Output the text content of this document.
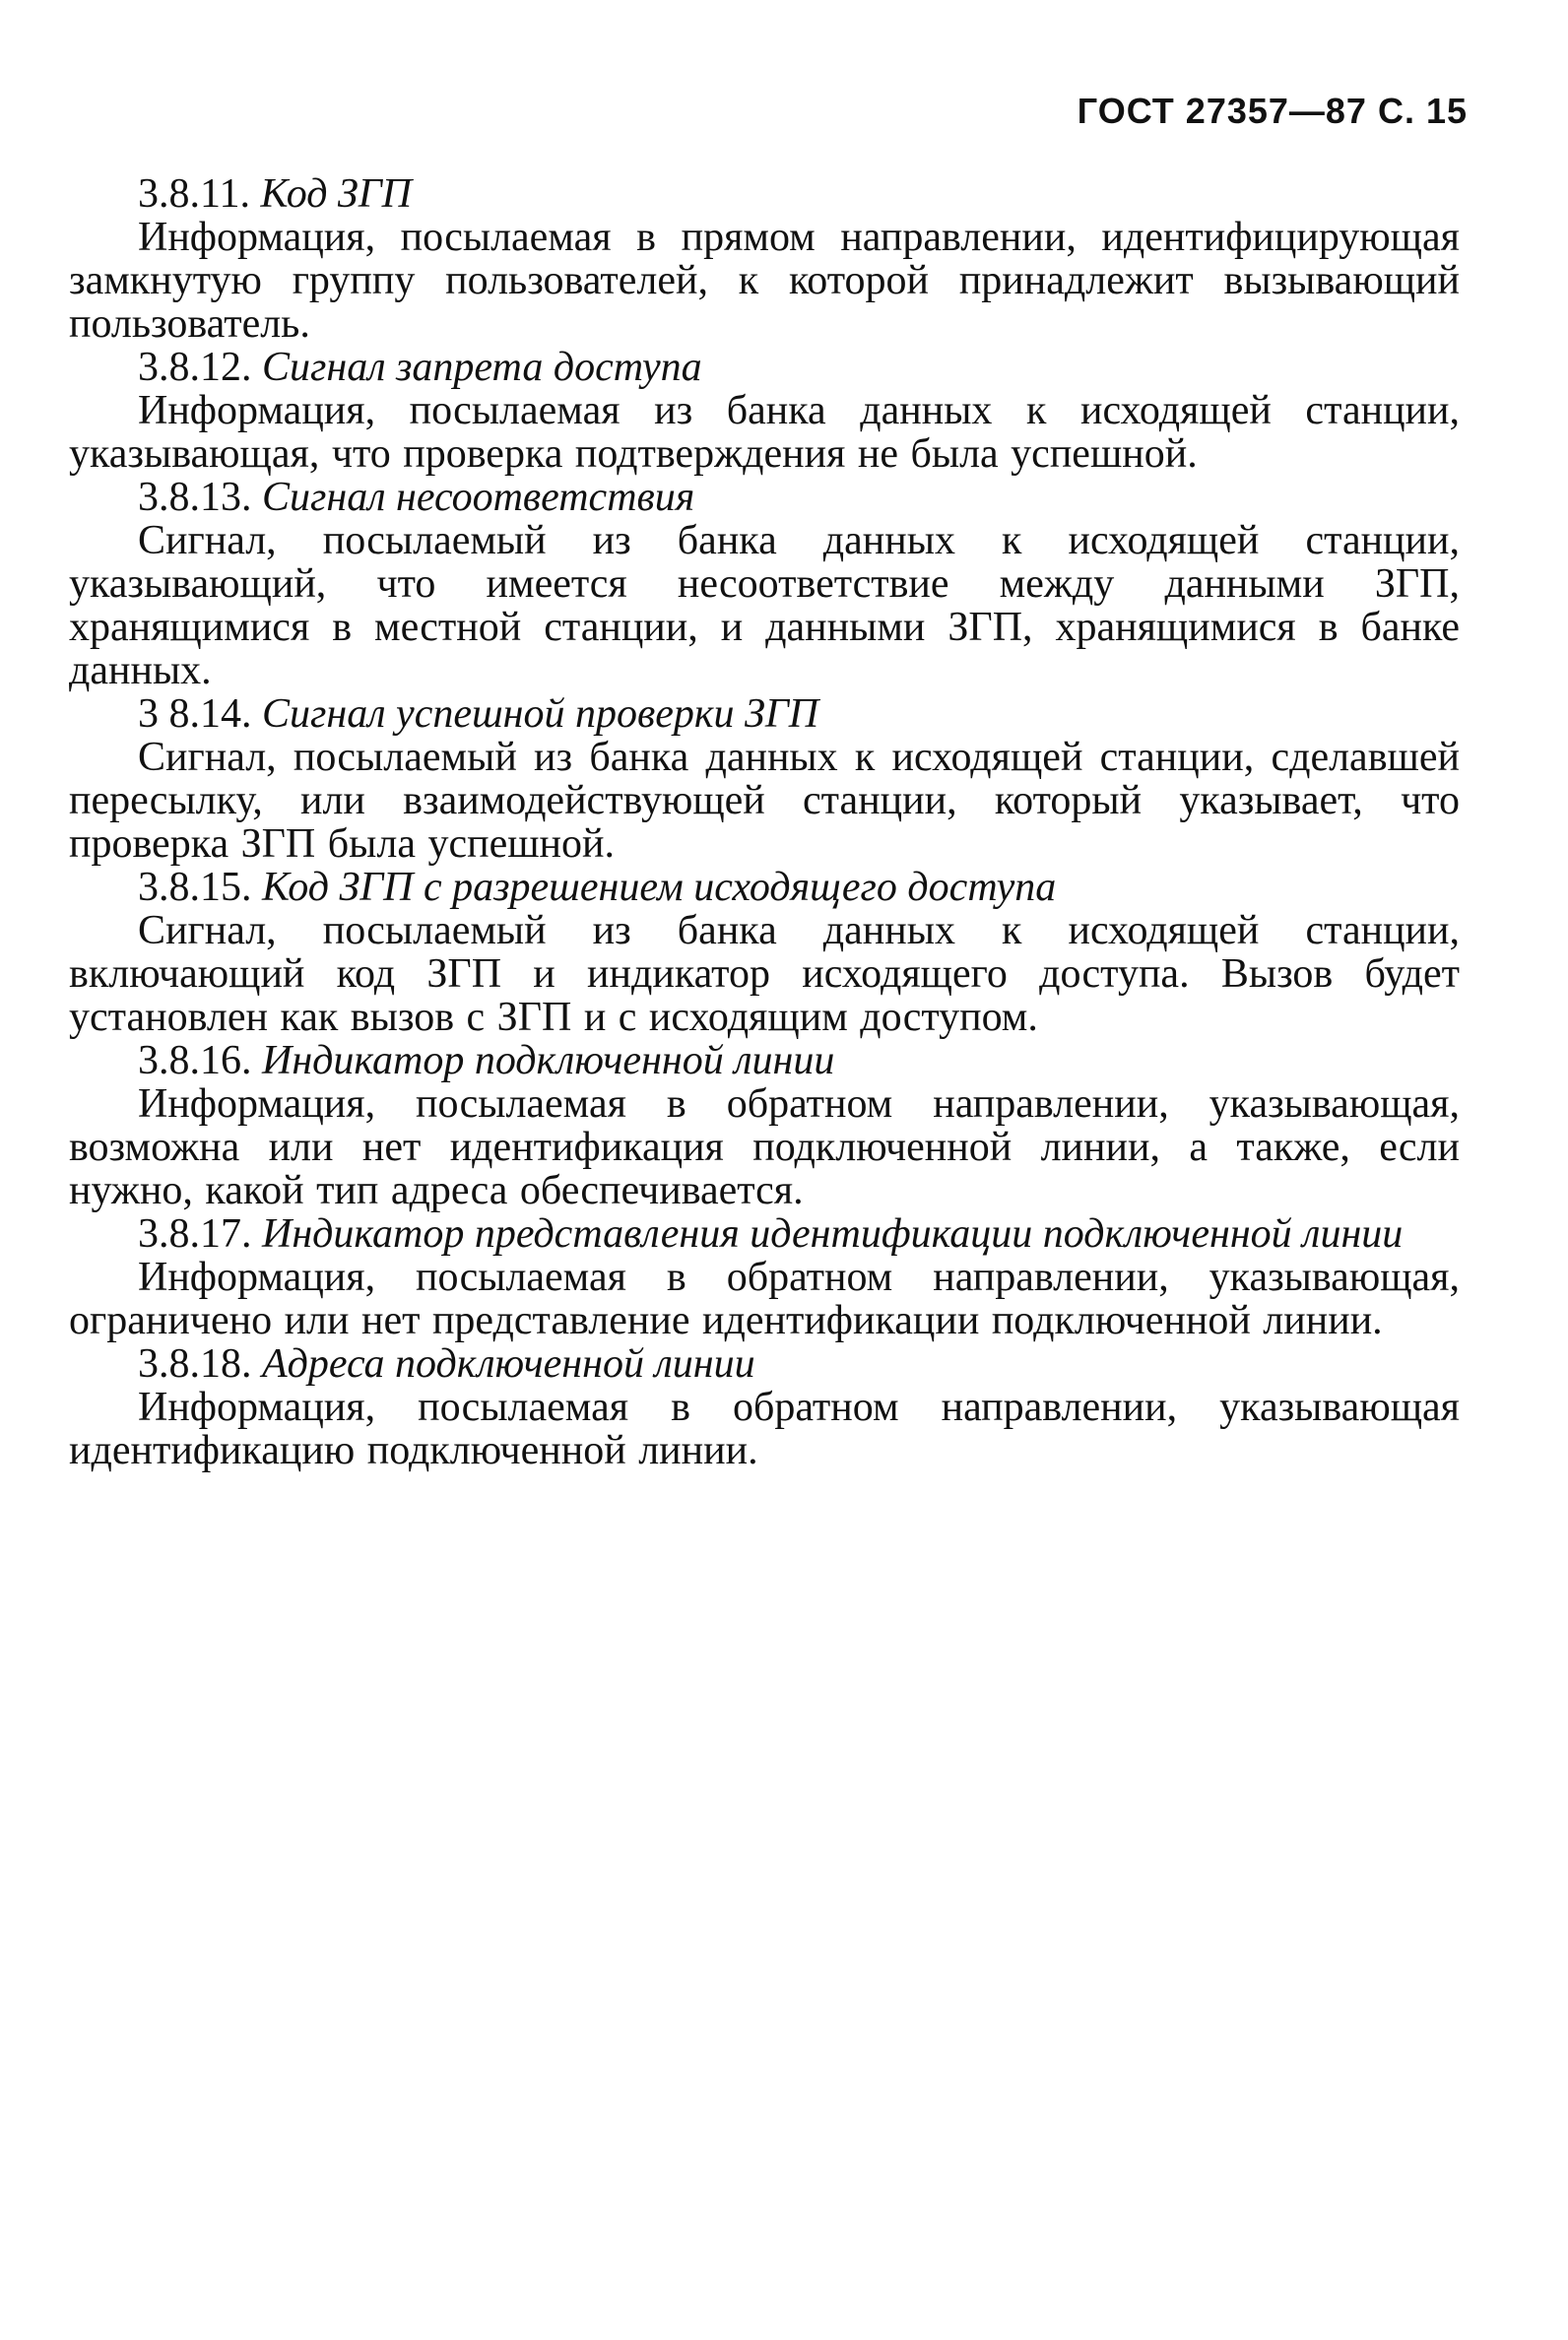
ГОСТ 27357—87 С. 15
3.8.11. Код ЗГП
Информация, посылаемая в прямом направлении, идентифицирующая замкнутую группу пользователей, к которой принадлежит вызывающий пользователь.
3.8.12. Сигнал запрета доступа
Информация, посылаемая из банка данных к исходящей станции, указывающая, что проверка подтверждения не была успешной.
3.8.13. Сигнал несоответствия
Сигнал, посылаемый из банка данных к исходящей станции, указывающий, что имеется несоответствие между данными ЗГП, хранящимися в местной станции, и данными ЗГП, хранящимися в банке данных.
3 8.14. Сигнал успешной проверки ЗГП
Сигнал, посылаемый из банка данных к исходящей станции, сделавшей пересылку, или взаимодействующей станции, который указывает, что проверка ЗГП была успешной.
3.8.15. Код ЗГП с разрешением исходящего доступа
Сигнал, посылаемый из банка данных к исходящей станции, включающий код ЗГП и индикатор исходящего доступа. Вызов будет установлен как вызов с ЗГП и с исходящим доступом.
3.8.16. Индикатор подключенной линии
Информация, посылаемая в обратном направлении, указывающая, возможна или нет идентификация подключенной линии, а также, если нужно, какой тип адреса обеспечивается.
3.8.17. Индикатор представления идентификации подключенной линии
Информация, посылаемая в обратном направлении, указывающая, ограничено или нет представление идентификации подключенной линии.
3.8.18. Адреса подключенной линии
Информация, посылаемая в обратном направлении, указывающая идентификацию подключенной линии.
